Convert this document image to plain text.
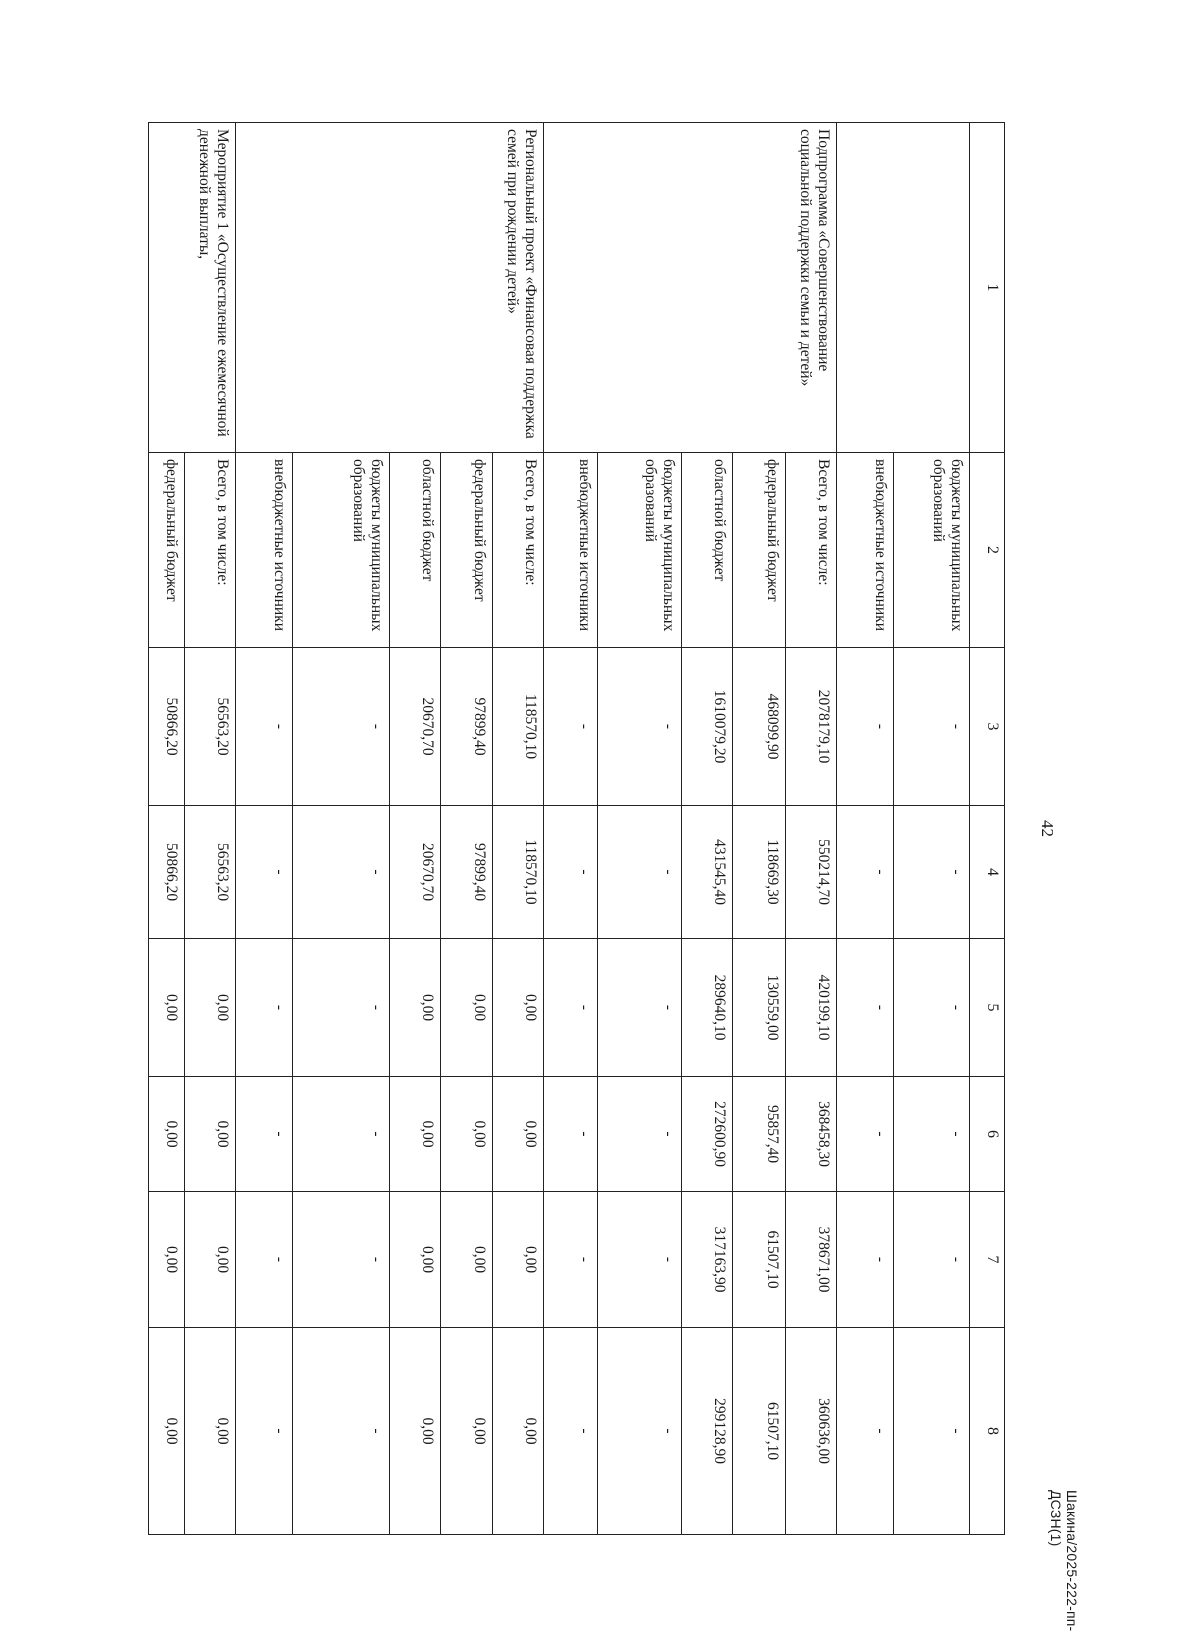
42
Шакина/2025-222-пп-ДСЗН(1)
1	2	3	4	5	6	7	8
	бюджеты муниципальных образований	-	-	-	-	-	-
	внебюджетные источники	-	-	-	-	-	-
Подпрограмма «Совершенствование социальной поддержки семьи и детей»	Всего, в том числе:	2078179,10	550214,70	420199,10	368458,30	378671,00	360636,00
	федеральный бюджет	468099,90	118669,30	130559,00	95857,40	61507,10	61507,10
	областной бюджет	1610079,20	431545,40	289640,10	272600,90	317163,90	299128,90
	бюджеты муниципальных образований	-	-	-	-	-	-
	внебюджетные источники	-	-	-	-	-	-
Региональный проект «Финансовая поддержка семей при рождении детей»	Всего, в том числе:	118570,10	118570,10	0,00	0,00	0,00	0,00
	федеральный бюджет	97899,40	97899,40	0,00	0,00	0,00	0,00
	областной бюджет	20670,70	20670,70	0,00	0,00	0,00	0,00
	бюджеты муниципальных образований	-	-	-	-	-	-
	внебюджетные источники	-	-	-	-	-	-
Мероприятие 1 «Осуществление ежемесячной денежной выплаты,	Всего, в том числе:	56563,20	56563,20	0,00	0,00	0,00	0,00
	федеральный бюджет	50866,20	50866,20	0,00	0,00	0,00	0,00
